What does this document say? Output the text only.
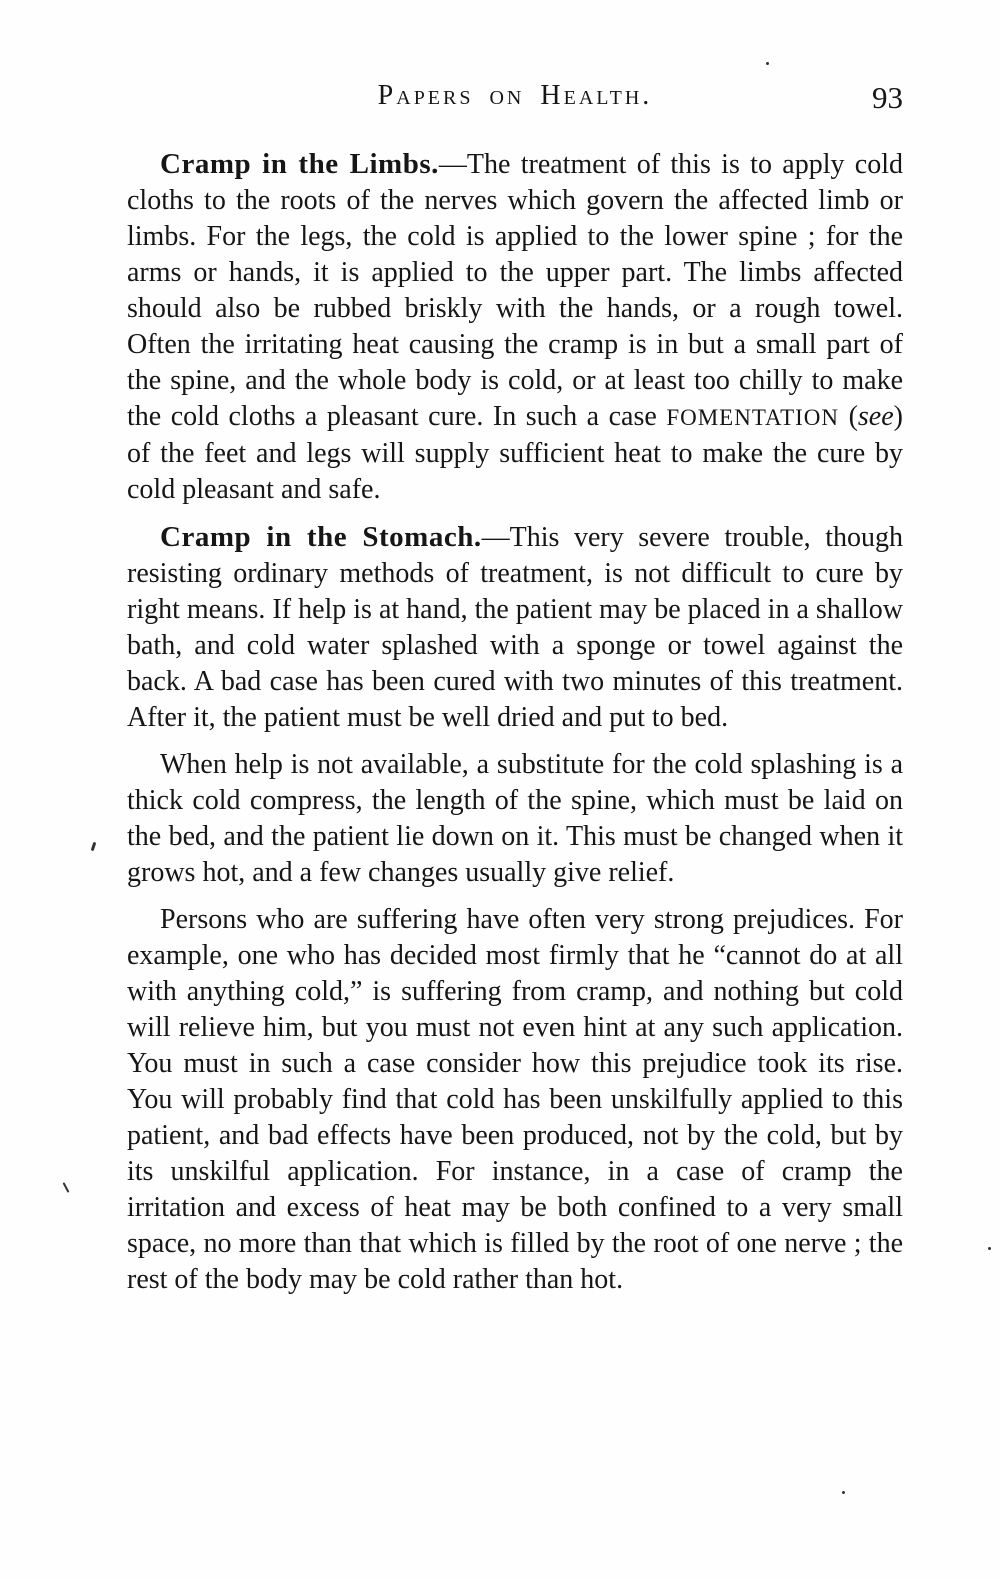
Papers on Health.	93

Cramp in the Limbs.—The treatment of this is to apply cold cloths to the roots of the nerves which govern the affected limb or limbs. For the legs, the cold is applied to the lower spine ; for the arms or hands, it is applied to the upper part. The limbs affected should also be rubbed briskly with the hands, or a rough towel. Often the irritating heat causing the cramp is in but a small part of the spine, and the whole body is cold, or at least too chilly to make the cold cloths a pleasant cure. In such a case FOMENTATION (see) of the feet and legs will supply sufficient heat to make the cure by cold pleasant and safe.

Cramp in the Stomach.—This very severe trouble, though resisting ordinary methods of treatment, is not difficult to cure by right means. If help is at hand, the patient may be placed in a shallow bath, and cold water splashed with a sponge or towel against the back. A bad case has been cured with two minutes of this treatment. After it, the patient must be well dried and put to bed.

When help is not available, a substitute for the cold splashing is a thick cold compress, the length of the spine, which must be laid on the bed, and the patient lie down on it. This must be changed when it grows hot, and a few changes usually give relief.

Persons who are suffering have often very strong prejudices. For example, one who has decided most firmly that he “cannot do at all with anything cold,” is suffering from cramp, and nothing but cold will relieve him, but you must not even hint at any such application. You must in such a case consider how this prejudice took its rise. You will probably find that cold has been unskilfully applied to this patient, and bad effects have been produced, not by the cold, but by its unskilful application. For instance, in a case of cramp the irritation and excess of heat may be both confined to a very small space, no more than that which is filled by the root of one nerve ; the rest of the body may be cold rather than hot.
